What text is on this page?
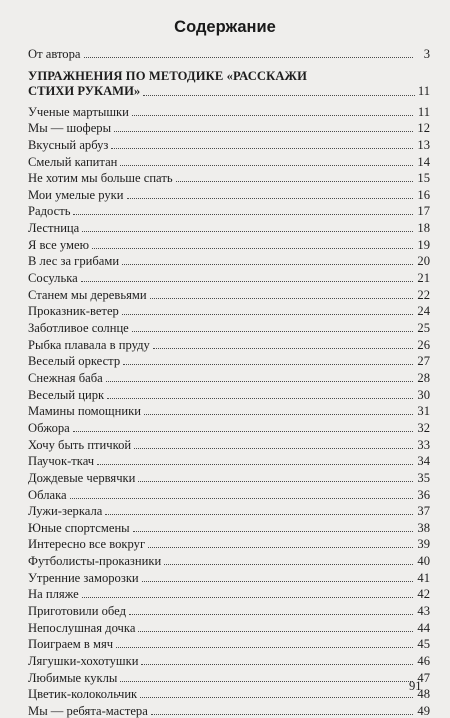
Содержание
От автора	3
УПРАЖНЕНИЯ ПО МЕТОДИКЕ «РАССКАЖИ
СТИХИ РУКАМИ»	11
Ученые мартышки	11
Мы — шоферы	12
Вкусный арбуз	13
Смелый капитан	14
Не хотим мы больше спать	15
Мои умелые руки	16
Радость	17
Лестница	18
Я все умею	19
В лес за грибами	20
Сосулька	21
Станем мы деревьями	22
Проказник-ветер	24
Заботливое солнце	25
Рыбка плавала в пруду	26
Веселый оркестр	27
Снежная баба	28
Веселый цирк	30
Мамины помощники	31
Обжора	32
Хочу быть птичкой	33
Паучок-ткач	34
Дождевые червячки	35
Облака	36
Лужи-зеркала	37
Юные спортсмены	38
Интересно все вокруг	39
Футболисты-проказники	40
Утренние заморозки	41
На пляже	42
Приготовили обед	43
Непослушная дочка	44
Поиграем в мяч	45
Лягушки-хохотушки	46
Любимые куклы	47
Цветик-колокольчик	48
Мы — ребята-мастера	49
91
